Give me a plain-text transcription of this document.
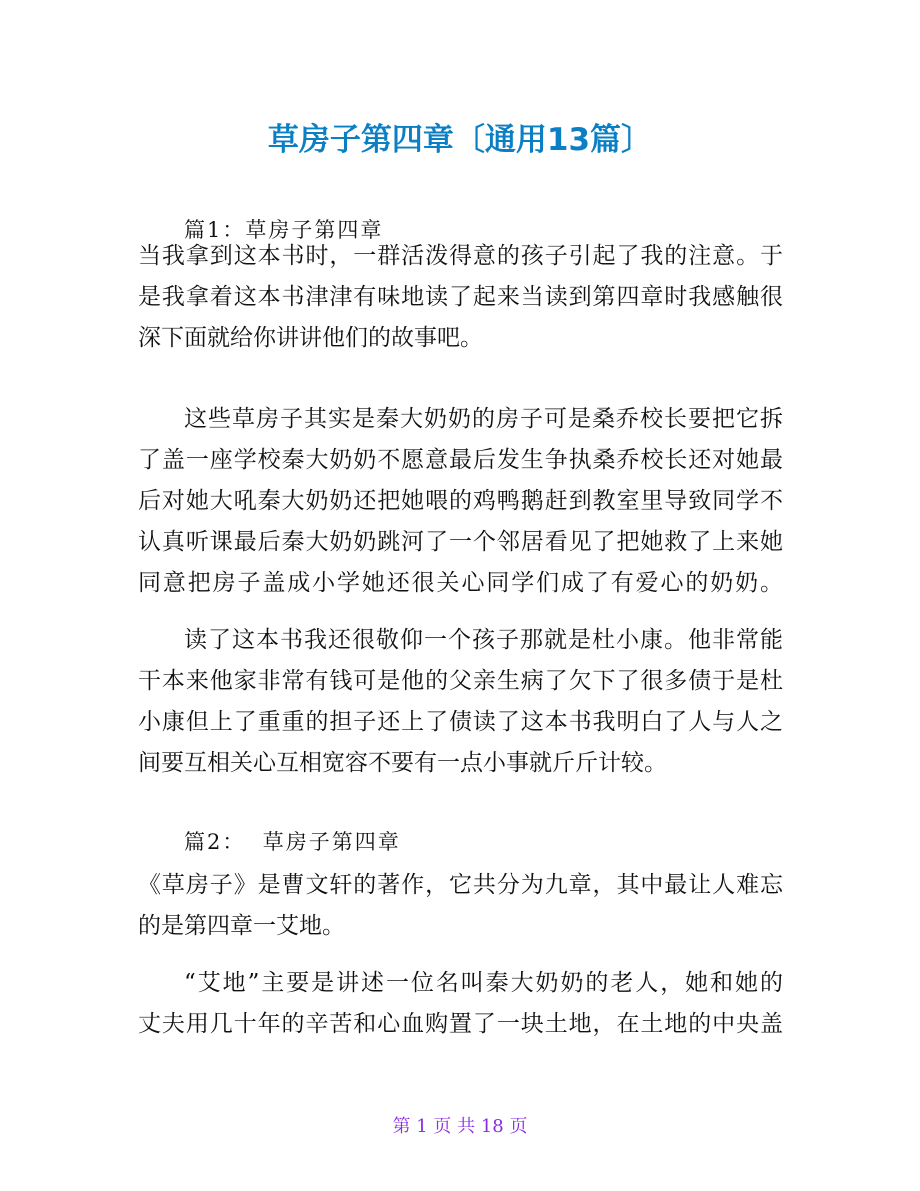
草房子第四章〔通用13篇〕
篇1：草房子第四章
当我拿到这本书时，一群活泼得意的孩子引起了我的注意。于
是我拿着这本书津津有味地读了起来当读到第四章时我感触很
深下面就给你讲讲他们的故事吧。
这些草房子其实是秦大奶奶的房子可是桑乔校长要把它拆
了盖一座学校秦大奶奶不愿意最后发生争执桑乔校长还对她最
后对她大吼秦大奶奶还把她喂的鸡鸭鹅赶到教室里导致同学不
认真听课最后秦大奶奶跳河了一个邻居看见了把她救了上来她
同意把房子盖成小学她还很关心同学们成了有爱心的奶奶。
读了这本书我还很敬仰一个孩子那就是杜小康。他非常能
干本来他家非常有钱可是他的父亲生病了欠下了很多债于是杜
小康但上了重重的担子还上了债读了这本书我明白了人与人之
间要互相关心互相宽容不要有一点小事就斤斤计较。
篇2：  草房子第四章
《草房子》是曹文轩的著作，它共分为九章，其中最让人难忘
的是第四章一艾地。
“艾地”主要是讲述一位名叫秦大奶奶的老人，她和她的
丈夫用几十年的辛苦和心血购置了一块土地，在土地的中央盖
第 1 页 共 18 页
